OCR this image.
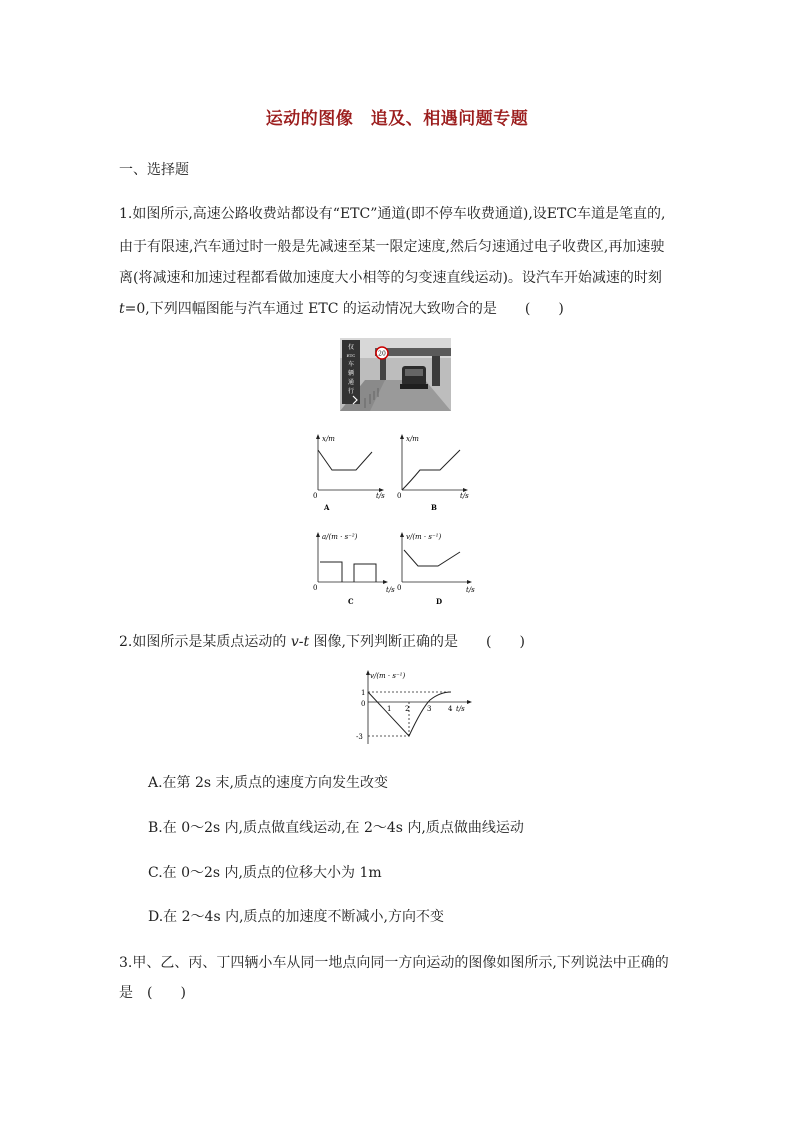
运动的图像　追及、相遇问题专题
一、选择题
1.如图所示,高速公路收费站都设有“ETC”通道(即不停车收费通道),设ETC车道是笔直的,
由于有限速,汽车通过时一般是先减速至某一限定速度,然后匀速通过电子收费区,再加速驶
离(将减速和加速过程都看做加速度大小相等的匀变速直线运动)。设汽车开始减速的时刻
t=0,下列四幅图能与汽车通过 ETC 的运动情况大致吻合的是　　(　　)
仅
ETC
车
辆
通
行
20
x/m
t/s
0
A
x/m
t/s
0
B
a/(m · s⁻²)
t/s
0
C
v/(m · s⁻¹)
t/s
0
D
2.如图所示是某质点运动的 v-t 图像,下列判断正确的是　　(　　)
v/(m · s⁻¹)
t/s
1
0
-3
1 2	3 4
A.在第 2s 末,质点的速度方向发生改变
B.在 0～2s 内,质点做直线运动,在 2～4s 内,质点做曲线运动
C.在 0～2s 内,质点的位移大小为 1m
D.在 2～4s 内,质点的加速度不断减小,方向不变
3.甲、乙、丙、丁四辆小车从同一地点向同一方向运动的图像如图所示,下列说法中正确的
是　(　　)
